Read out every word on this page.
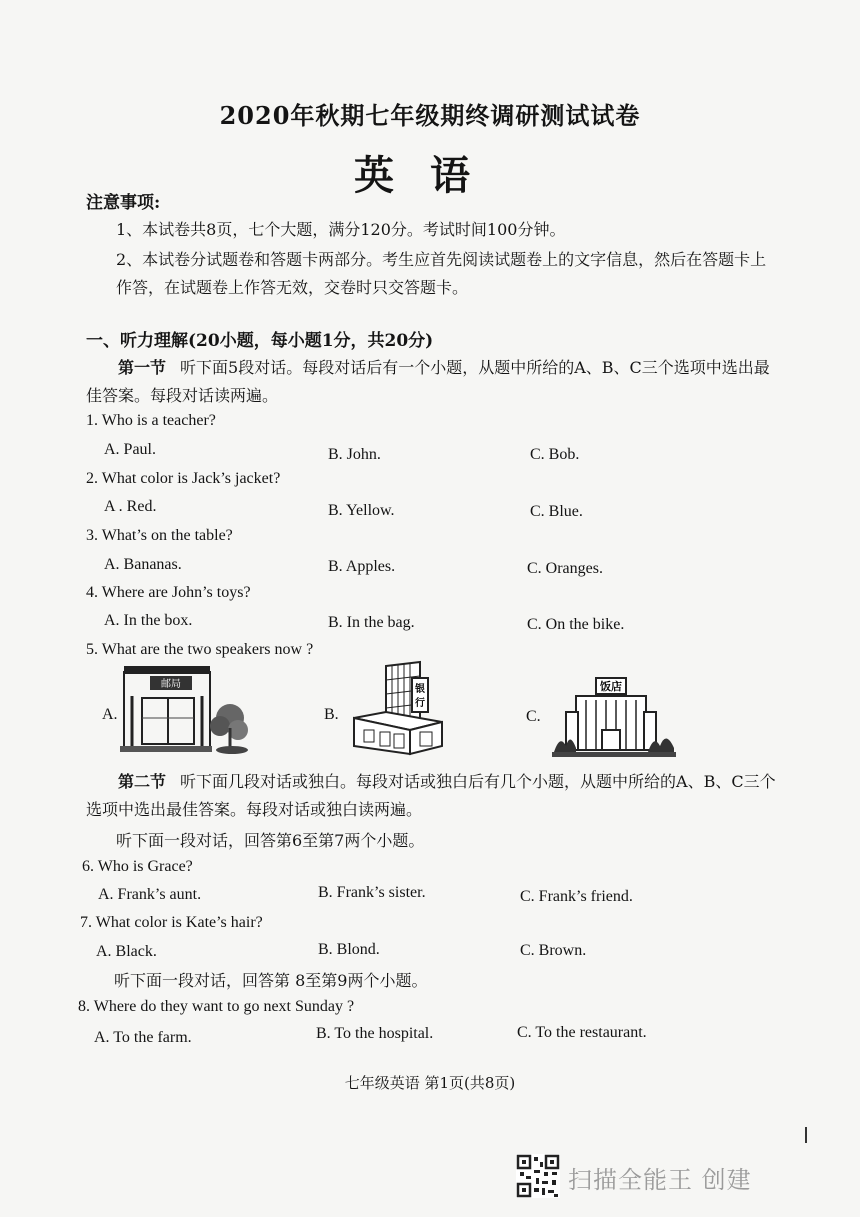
2020年秋期七年级期终调研测试试卷
英语
注意事项:
1、本试卷共8页，七个大题，满分120分。考试时间100分钟。
2、本试卷分试题卷和答题卡两部分。考生应首先阅读试题卷上的文字信息，然后在答题卡上作答，在试题卷上作答无效，交卷时只交答题卡。
一、听力理解(20小题，每小题1分，共20分)
第一节 听下面5段对话。每段对话后有一个小题，从题中所给的A、B、C三个选项中选出最佳答案。每段对话读两遍。
1. Who is a teacher?
A. Paul.	B. John.	C. Bob.
2. What color is Jack’s jacket?
A . Red.	B. Yellow.	C. Blue.
3. What’s on the table?
A. Bananas.	B. Apples.	C. Oranges.
4. Where are John’s toys?
A. In the box.	B. In the bag.	C. On the bike.
5. What are the two speakers now ?
A.	B.	C.
邮局	银
行
饭店
第二节 听下面几段对话或独白。每段对话或独白后有几个小题，从题中所给的A、B、C三个选项中选出最佳答案。每段对话或独白读两遍。
听下面一段对话，回答第6至第7两个小题。
6. Who is Grace?
A. Frank’s aunt.	B. Frank’s sister.	C. Frank’s friend.
7. What color is Kate’s hair?
A. Black.	B. Blond.	C. Brown.
听下面一段对话，回答第 8至第9两个小题。
8. Where do they want to go next Sunday ?
A. To the farm.	B. To the hospital.	C. To the restaurant.
七年级英语 第1页(共8页)
扫描全能王 创建
